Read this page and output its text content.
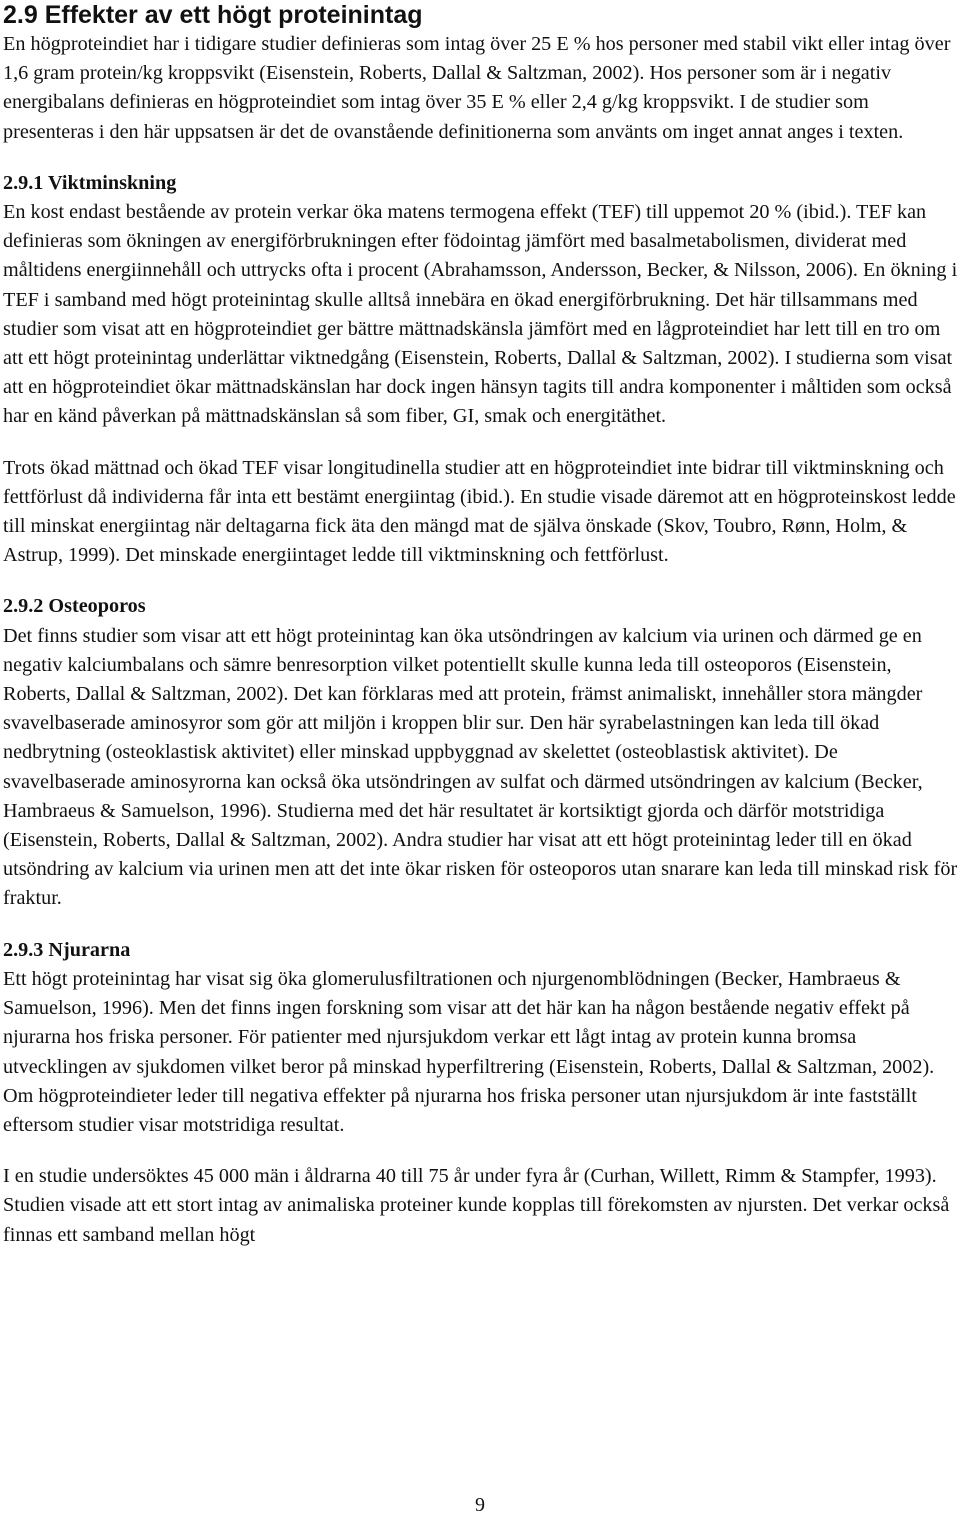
2.9 Effekter av ett högt proteinintag

En högproteindiet har i tidigare studier definieras som intag över 25 E % hos personer med stabil vikt eller intag över 1,6 gram protein/kg kroppsvikt (Eisenstein, Roberts, Dallal & Saltzman, 2002). Hos personer som är i negativ energibalans definieras en högproteindiet som intag över 35 E % eller 2,4 g/kg kroppsvikt. I de studier som presenteras i den här uppsatsen är det de ovanstående definitionerna som använts om inget annat anges i texten.

2.9.1 Viktminskning

En kost endast bestående av protein verkar öka matens termogena effekt (TEF) till uppemot 20 % (ibid.). TEF kan definieras som ökningen av energiförbrukningen efter födointag jämfört med basalmetabolismen, dividerat med måltidens energiinnehåll och uttrycks ofta i procent (Abrahamsson, Andersson, Becker, & Nilsson, 2006). En ökning i TEF i samband med högt proteinintag skulle alltså innebära en ökad energiförbrukning. Det här tillsammans med studier som visat att en högproteindiet ger bättre mättnadskänsla jämfört med en lågproteindiet har lett till en tro om att ett högt proteinintag underlättar viktnedgång (Eisenstein, Roberts, Dallal & Saltzman, 2002). I studierna som visat att en högproteindiet ökar mättnadskänslan har dock ingen hänsyn tagits till andra komponenter i måltiden som också har en känd påverkan på mättnadskänslan så som fiber, GI, smak och energitäthet.

Trots ökad mättnad och ökad TEF visar longitudinella studier att en högproteindiet inte bidrar till viktminskning och fettförlust då individerna får inta ett bestämt energiintag (ibid.). En studie visade däremot att en högproteinskost ledde till minskat energiintag när deltagarna fick äta den mängd mat de själva önskade (Skov, Toubro, Rønn, Holm, & Astrup, 1999). Det minskade energiintaget ledde till viktminskning och fettförlust.

2.9.2 Osteoporos

Det finns studier som visar att ett högt proteinintag kan öka utsöndringen av kalcium via urinen och därmed ge en negativ kalciumbalans och sämre benresorption vilket potentiellt skulle kunna leda till osteoporos (Eisenstein, Roberts, Dallal & Saltzman, 2002). Det kan förklaras med att protein, främst animaliskt, innehåller stora mängder svavelbaserade aminosyror som gör att miljön i kroppen blir sur. Den här syrabelastningen kan leda till ökad nedbrytning (osteoklastisk aktivitet) eller minskad uppbyggnad av skelettet (osteoblastisk aktivitet). De svavelbaserade aminosyrorna kan också öka utsöndringen av sulfat och därmed utsöndringen av kalcium (Becker, Hambraeus & Samuelson, 1996). Studierna med det här resultatet är kortsiktigt gjorda och därför motstridiga (Eisenstein, Roberts, Dallal & Saltzman, 2002). Andra studier har visat att ett högt proteinintag leder till en ökad utsöndring av kalcium via urinen men att det inte ökar risken för osteoporos utan snarare kan leda till minskad risk för fraktur.

2.9.3 Njurarna

Ett högt proteinintag har visat sig öka glomerulusfiltrationen och njurgenomblödningen (Becker, Hambraeus & Samuelson, 1996). Men det finns ingen forskning som visar att det här kan ha någon bestående negativ effekt på njurarna hos friska personer. För patienter med njursjukdom verkar ett lågt intag av protein kunna bromsa utvecklingen av sjukdomen vilket beror på minskad hyperfiltrering (Eisenstein, Roberts, Dallal & Saltzman, 2002). Om högproteindieter leder till negativa effekter på njurarna hos friska personer utan njursjukdom är inte fastställt eftersom studier visar motstridiga resultat.

I en studie undersöktes 45 000 män i åldrarna 40 till 75 år under fyra år (Curhan, Willett, Rimm & Stampfer, 1993). Studien visade att ett stort intag av animaliska proteiner kunde kopplas till förekomsten av njursten. Det verkar också finnas ett samband mellan högt

9
